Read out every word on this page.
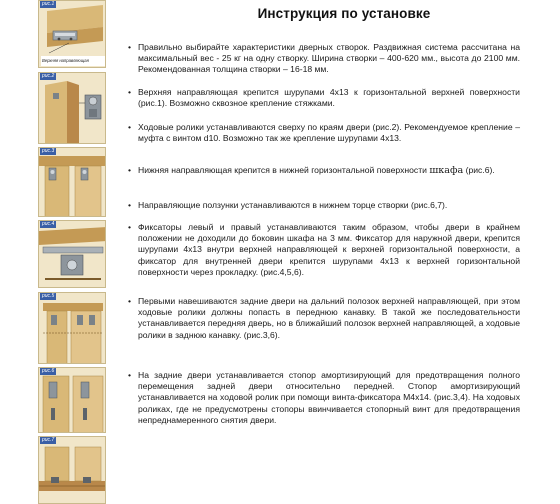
рис.1
Верхняя направляющая
рис.2
рис.3
рис.4
рис.5
рис.6
рис.7
Инструкция по установке
• Правильно выбирайте характеристики дверных створок. Раздвижная система рассчитана на максимальный вес - 25 кг на одну створку. Ширина створки – 400-620 мм., высота до 2100 мм. Рекомендованная толщина створки – 16-18 мм.
• Верхняя направляющая крепится шурупами 4х13 к горизонтальной верхней поверхности (рис.1). Возможно сквозное крепление стяжками.
• Ходовые ролики устанавливаются сверху по краям двери (рис.2). Рекомендуемое крепление – муфта с винтом d10. Возможно так же крепление шурупами 4х13.
• Нижняя направляющая крепится в нижней горизонтальной поверхности шкафа (рис.6).
• Направляющие ползунки устанавливаются в нижнем торце створки (рис.6,7).
• Фиксаторы левый и правый устанавливаются таким образом, чтобы двери в крайнем положении не доходили до боковин шкафа на 3 мм. Фиксатор для наружной двери, крепится шурупами 4х13 внутри верхней направляющей к верхней горизонтальной поверхности, а фиксатор для внутренней двери крепится шурупами 4х13 к верхней горизонтальной поверхности через прокладку. (рис.4,5,6).
• Первыми навешиваются задние двери на дальний полозок верхней направляющей, при этом ходовые ролики должны попасть в переднюю канавку. В такой же последовательности устанавливается передняя дверь, но в ближайший полозок верхней направляющей, а ходовые ролики в заднюю канавку. (рис.3,6).
• На задние двери устанавливается стопор амортизирующий для предотвращения полного перемещения задней двери относительно передней. Стопор амортизирующий устанавливается на ходовой ролик при помощи винта-фиксатора М4х14. (рис.3,4). На ходовых роликах, где не предусмотрены стопоры ввинчивается стопорный винт для предотвращения непреднамеренного снятия двери.
